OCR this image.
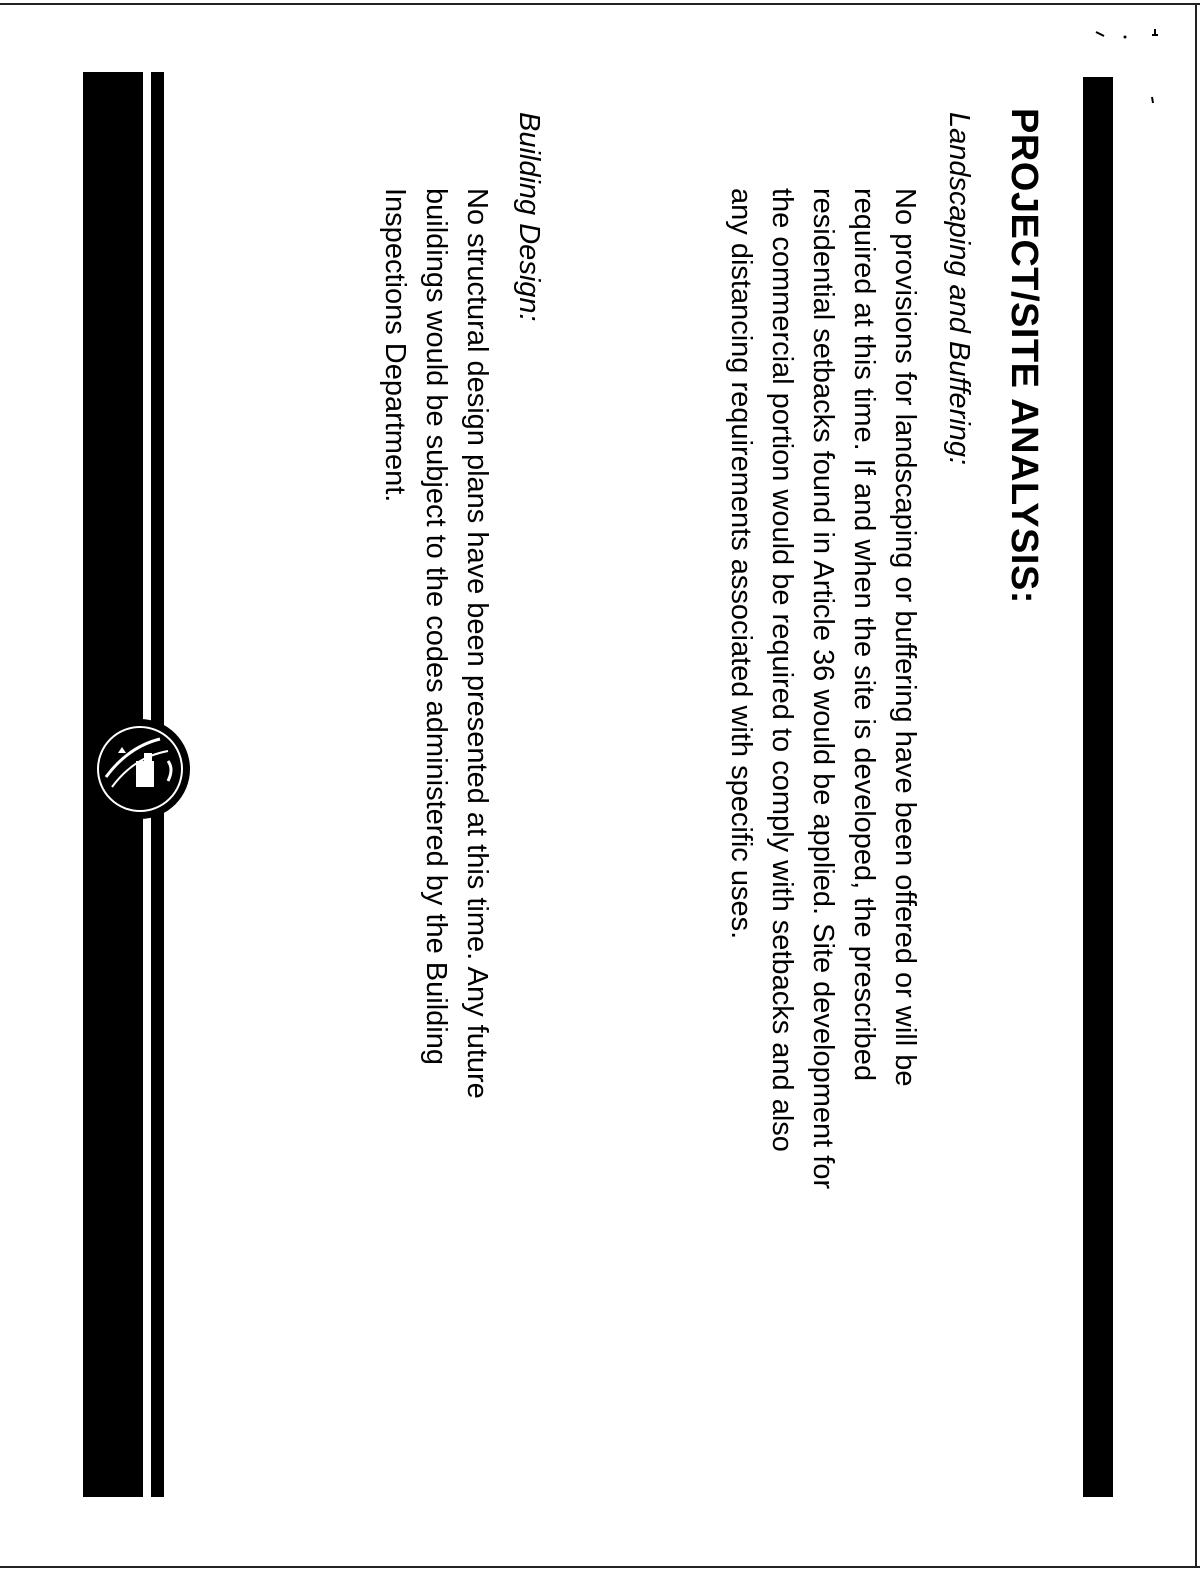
PROJECT/SITE ANALYSIS:
Landscaping and Buffering:

No provisions for landscaping or buffering have been offered or will be

required at this time. If and when the site is developed, the prescribed

residential setbacks found in Article 36 would be applied. Site development for

the commercial portion would be required to comply with setbacks and also

any distancing requirements associated with specific uses.

Building Design:

No structural design plans have been presented at this time. Any future

buildings would be subject to the codes administered by the Building

Inspections Department.
